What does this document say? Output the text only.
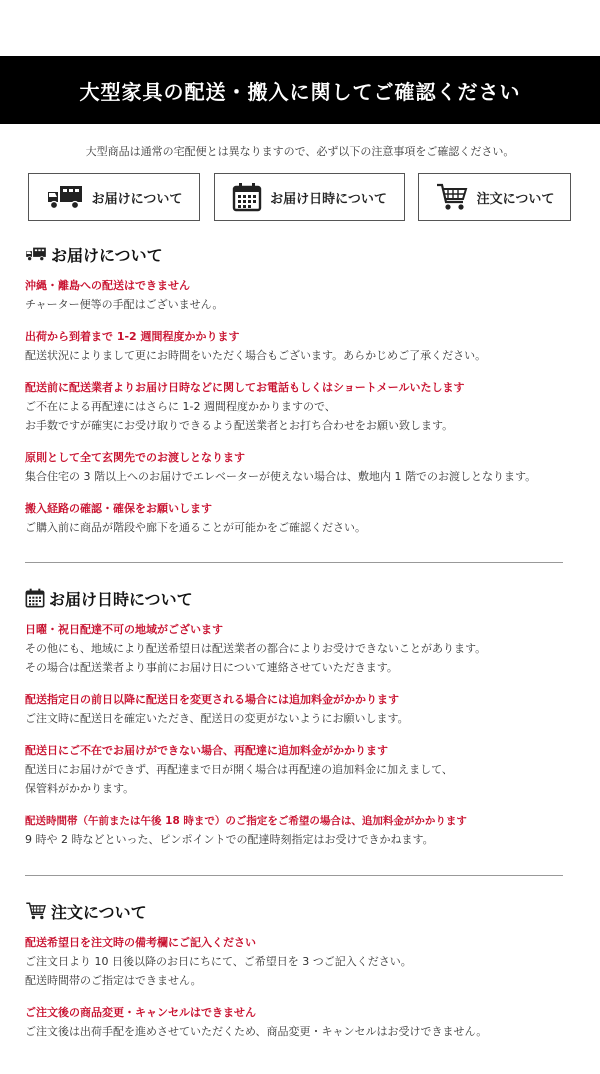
大型家具の配送・搬入に関してご確認ください
大型商品は通常の宅配便とは異なりますので、必ず以下の注意事項をご確認ください。
お届けについて	お届け日時について	注文について
お届けについて
沖縄・離島への配送はできません
チャーター便等の手配はございません。
出荷から到着まで 1-2 週間程度かかります
配送状況によりまして更にお時間をいただく場合もございます。あらかじめご了承ください。
配送前に配送業者よりお届け日時などに関してお電話もしくはショートメールいたします
ご不在による再配達にはさらに 1-2 週間程度かかりますので、
お手数ですが確実にお受け取りできるよう配送業者とお打ち合わせをお願い致します。
原則として全て玄関先でのお渡しとなります
集合住宅の 3 階以上へのお届けでエレベーターが使えない場合は、敷地内 1 階でのお渡しとなります。
搬入経路の確認・確保をお願いします
ご購入前に商品が階段や廊下を通ることが可能かをご確認ください。
お届け日時について
日曜・祝日配達不可の地域がございます
その他にも、地域により配送希望日は配送業者の都合によりお受けできないことがあります。
その場合は配送業者より事前にお届け日について連絡させていただきます。
配送指定日の前日以降に配送日を変更される場合には追加料金がかかります
ご注文時に配送日を確定いただき、配送日の変更がないようにお願いします。
配送日にご不在でお届けができない場合、再配達に追加料金がかかります
配送日にお届けができず、再配達まで日が開く場合は再配達の追加料金に加えまして、
保管料がかかります。
配送時間帯（午前または午後 18 時まで）のご指定をご希望の場合は、追加料金がかかります
9 時や 2 時などといった、ピンポイントでの配達時刻指定はお受けできかねます。
注文について
配送希望日を注文時の備考欄にご記入ください
ご注文日より 10 日後以降のお日にちにて、ご希望日を 3 つご記入ください。
配送時間帯のご指定はできません。
ご注文後の商品変更・キャンセルはできません
ご注文後は出荷手配を進めさせていただくため、商品変更・キャンセルはお受けできません。
